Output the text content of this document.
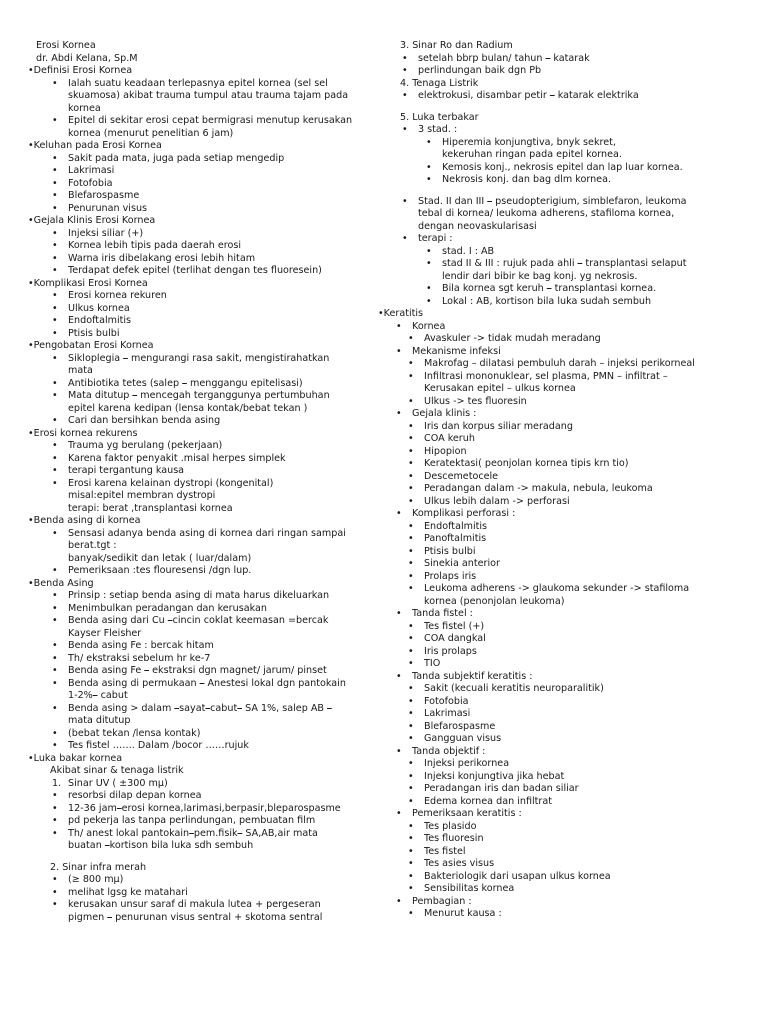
Erosi Kornea
dr. Abdi Kelana, Sp.M
•Definisi Erosi Kornea
• Ialah suatu keadaan terlepasnya epitel kornea (sel sel
skuamosa) akibat trauma tumpul atau trauma tajam pada
kornea
• Epitel di sekitar erosi cepat bermigrasi menutup kerusakan
kornea (menurut penelitian 6 jam)
•Keluhan pada Erosi Kornea
• Sakit pada mata, juga pada setiap mengedip
• Lakrimasi
• Fotofobia
• Blefarospasme
• Penurunan visus
•Gejala Klinis Erosi Kornea
• Injeksi siliar (+)
• Kornea lebih tipis pada daerah erosi
• Warna iris dibelakang erosi lebih hitam
• Terdapat defek epitel (terlihat dengan tes fluoresein)
•Komplikasi Erosi Kornea
• Erosi kornea rekuren
• Ulkus kornea
• Endoftalmitis
• Ptisis bulbi
•Pengobatan Erosi Kornea
• Sikloplegia ⎯ mengurangi rasa sakit, mengistirahatkan
mata
• Antibiotika tetes (salep ⎯ menggangu epitelisasi)
• Mata ditutup ⎯ mencegah terganggunya pertumbuhan
epitel karena kedipan (lensa kontak/bebat tekan )
• Cari dan bersihkan benda asing
•Erosi kornea rekurens
• Trauma yg berulang (pekerjaan)
• Karena faktor penyakit .misal herpes simplek
• terapi tergantung kausa
• Erosi karena kelainan dystropi (kongenital)
misal:epitel membran dystropi
terapi: berat ,transplantasi kornea
•Benda asing di kornea
• Sensasi adanya benda asing di kornea dari ringan sampai
berat.tgt :
banyak/sedikit dan letak ( luar/dalam)
• Pemeriksaan :tes flouresensi /dgn lup.
•Benda Asing
• Prinsip : setiap benda asing di mata harus dikeluarkan
• Menimbulkan peradangan dan kerusakan
• Benda asing dari Cu ⎯cincin coklat keemasan =bercak
Kayser Fleisher
• Benda asing Fe : bercak hitam
• Th/ ekstraksi sebelum hr ke-7
• Benda asing Fe ⎯ ekstraksi dgn magnet/ jarum/ pinset
• Benda asing di permukaan ⎯ Anestesi lokal dgn pantokain
1-2%⎯ cabut
• Benda asing > dalam ⎯sayat⎯cabut⎯ SA 1%, salep AB ⎯
mata ditutup
• (bebat tekan /lensa kontak)
• Tes fistel ……. Dalam /bocor ……rujuk
•Luka bakar kornea
Akibat sinar & tenaga listrik
1. Sinar UV ( ±300 mµ)
• resorbsi dilap depan kornea
• 12-36 jam⎯erosi kornea,larimasi,berpasir,bleparospasme
• pd pekerja las tanpa perlindungan, pembuatan film
• Th/ anest lokal pantokain⎯pem.fisik⎯ SA,AB,air mata
buatan ⎯kortison bila luka sdh sembuh
2. Sinar infra merah
• (≥ 800 mµ)
• melihat lgsg ke matahari
• kerusakan unsur saraf di makula lutea + pergeseran
pigmen ⎯ penurunan visus sentral + skotoma sentral
3. Sinar Ro dan Radium
• setelah bbrp bulan/ tahun ⎯ katarak
• perlindungan baik dgn Pb
4. Tenaga Listrik
• elektrokusi, disambar petir ⎯ katarak elektrika
5. Luka terbakar
• 3 stad. :
• Hiperemia konjungtiva, bnyk sekret,
kekeruhan ringan pada epitel kornea.
• Kemosis konj., nekrosis epitel dan lap luar kornea.
• Nekrosis konj. dan bag dlm kornea.
• Stad. II dan III ⎯ pseudopterigium, simblefaron, leukoma
tebal di kornea/ leukoma adherens, stafiloma kornea,
dengan neovaskularisasi
• terapi :
• stad. I : AB
• stad II & III : rujuk pada ahli ⎯ transplantasi selaput
lendir dari bibir ke bag konj. yg nekrosis.
• Bila kornea sgt keruh ⎯ transplantasi kornea.
• Lokal : AB, kortison bila luka sudah sembuh
•Keratitis
• Kornea
• Avaskuler -> tidak mudah meradang
• Mekanisme infeksi
• Makrofag – dilatasi pembuluh darah – injeksi perikorneal
• Infiltrasi mononuklear, sel plasma, PMN – infiltrat –
Kerusakan epitel – ulkus kornea
• Ulkus -> tes fluoresin
• Gejala klinis :
• Iris dan korpus siliar meradang
• COA keruh
• Hipopion
• Keratektasi( peonjolan kornea tipis krn tio)
• Descemetocele
• Peradangan dalam -> makula, nebula, leukoma
• Ulkus lebih dalam -> perforasi
• Komplikasi perforasi :
• Endoftalmitis
• Panoftalmitis
• Ptisis bulbi
• Sinekia anterior
• Prolaps iris
• Leukoma adherens -> glaukoma sekunder -> stafiloma
kornea (penonjolan leukoma)
• Tanda fistel :
• Tes fistel (+)
• COA dangkal
• Iris prolaps
• TIO
• Tanda subjektif keratitis :
• Sakit (kecuali keratitis neuroparalitik)
• Fotofobia
• Lakrimasi
• Blefarospasme
• Gangguan visus
• Tanda objektif :
• Injeksi perikornea
• Injeksi konjungtiva jika hebat
• Peradangan iris dan badan siliar
• Edema kornea dan infiltrat
• Pemeriksaan keratitis :
• Tes plasido
• Tes fluoresin
• Tes fistel
• Tes asies visus
• Bakteriologik dari usapan ulkus kornea
• Sensibilitas kornea
• Pembagian :
• Menurut kausa :
